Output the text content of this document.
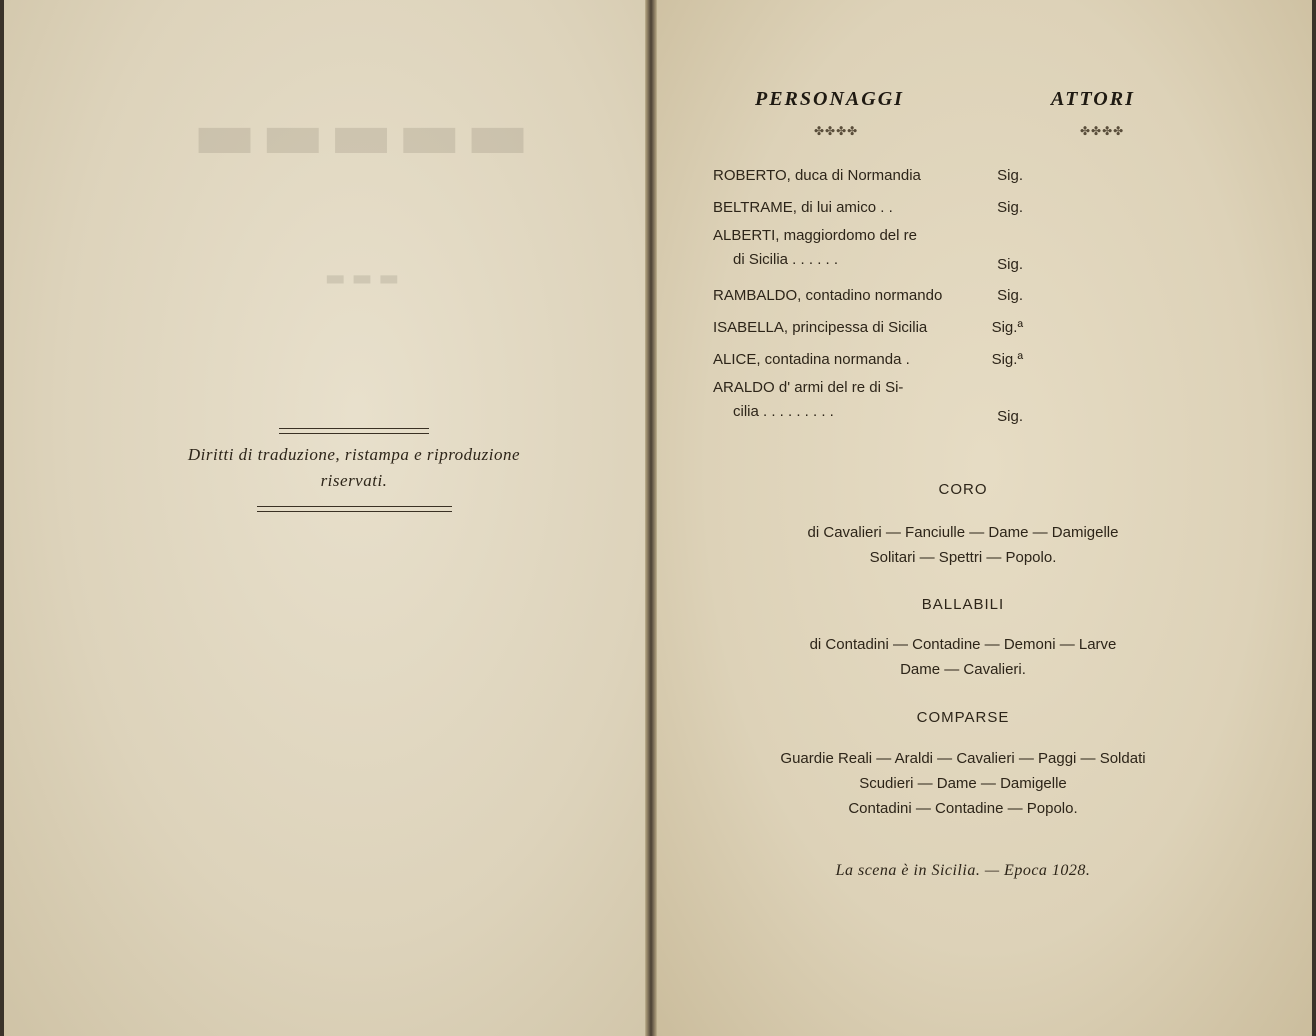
▬▬▬▬▬
▬▬▬
Diritti di traduzione, ristampa e riproduzione
riservati.
PERSONAGGI	ATTORI
✤✤✤✤	✤✤✤✤
ROBERTO, duca di Normandia	Sig.
BELTRAME, di lui amico . .	Sig.
ALBERTI, maggiordomo del re
di Sicilia . . . . . .	Sig.
RAMBALDO, contadino normando	Sig.
ISABELLA, principessa di Sicilia	Sig.ª
ALICE, contadina normanda .	Sig.ª
ARALDO d' armi del re di Si-
cilia . . . . . . . . .	Sig.
CORO
di Cavalieri — Fanciulle — Dame — Damigelle
Solitari — Spettri — Popolo.
BALLABILI
di Contadini — Contadine — Demoni — Larve
Dame — Cavalieri.
COMPARSE
Guardie Reali — Araldi — Cavalieri — Paggi — Soldati
Scudieri — Dame — Damigelle
Contadini — Contadine — Popolo.
La scena è in Sicilia. — Epoca 1028.
